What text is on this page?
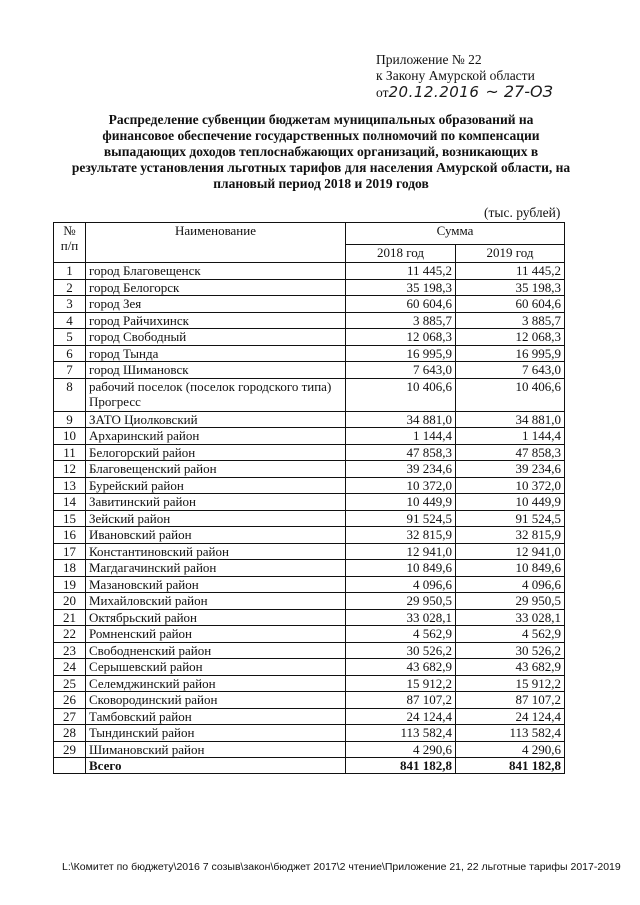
Приложение № 22
к Закону Амурской области
от20.12.2016 ~ 27-ОЗ
Распределение субвенции бюджетам муниципальных образований на
финансовое обеспечение государственных полномочий по компенсации
выпадающих доходов теплоснабжающих организаций, возникающих в
результате установления льготных тарифов для населения Амурской области, на
плановый период 2018 и 2019 годов
(тыс. рублей)
№ п/п	Наименование	Сумма	
		2018 год	2019 год
1	город Благовещенск	11 445,2	11 445,2
2	город Белогорск	35 198,3	35 198,3
3	город Зея	60 604,6	60 604,6
4	город Райчихинск	3 885,7	3 885,7
5	город Свободный	12 068,3	12 068,3
6	город Тында	16 995,9	16 995,9
7	город Шимановск	7 643,0	7 643,0
8	рабочий поселок (поселок городского типа) Прогресс	10 406,6	10 406,6
9	ЗАТО Циолковский	34 881,0	34 881,0
10	Архаринский район	1 144,4	1 144,4
11	Белогорский район	47 858,3	47 858,3
12	Благовещенский район	39 234,6	39 234,6
13	Бурейский район	10 372,0	10 372,0
14	Завитинский район	10 449,9	10 449,9
15	Зейский район	91 524,5	91 524,5
16	Ивановский район	32 815,9	32 815,9
17	Константиновский район	12 941,0	12 941,0
18	Магдагачинский район	10 849,6	10 849,6
19	Мазановский район	4 096,6	4 096,6
20	Михайловский район	29 950,5	29 950,5
21	Октябрьский район	33 028,1	33 028,1
22	Ромненский район	4 562,9	4 562,9
23	Свободненский район	30 526,2	30 526,2
24	Серышевский район	43 682,9	43 682,9
25	Селемджинский район	15 912,2	15 912,2
26	Сковородинский район	87 107,2	87 107,2
27	Тамбовский район	24 124,4	24 124,4
28	Тындинский район	113 582,4	113 582,4
29	Шимановский район	4 290,6	4 290,6
	Всего	841 182,8	841 182,8
L:\Комитет по бюджету\2016 7 созыв\закон\бюджет 2017\2 чтение\Приложение 21, 22 льготные тарифы 2017-2019
